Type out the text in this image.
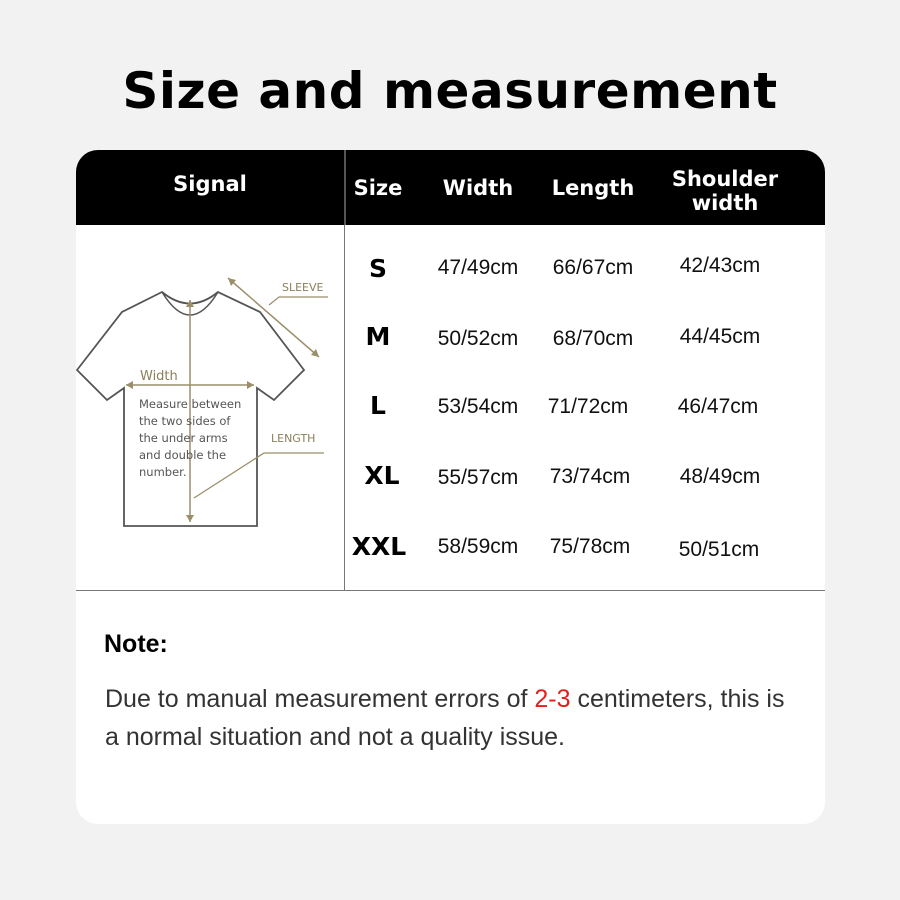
Size and measurement
Signal	Size	Width	Length	Shoulder
width
SLEEVE
Width
LENGTH
Measure between
the two sides of
the under arms
and double the
number.
S	47/49cm	66/67cm	42/43cm
M	50/52cm	68/70cm	44/45cm
L	53/54cm	71/72cm	46/47cm
XL	55/57cm	73/74cm	48/49cm
XXL	58/59cm	75/78cm	50/51cm
Note:
Due to manual measurement errors of 2-3 centimeters, this is a normal situation and not a quality issue.
